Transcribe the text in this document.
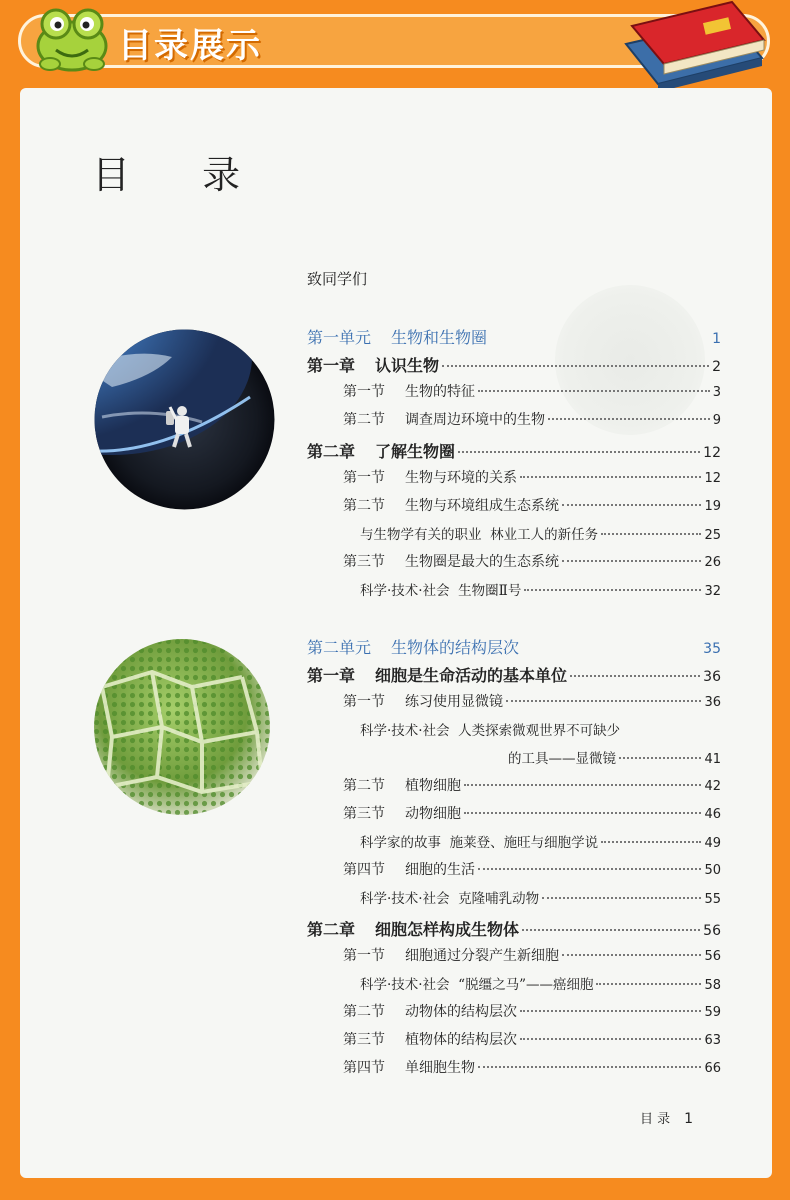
目录展示
目 录
致同学们
第一单元 生物和生物圈	1
第一章 认识生物	2
第一节 生物的特征	3
第二节 调查周边环境中的生物	9
第二章 了解生物圈	12
第一节 生物与环境的关系	12
第二节 生物与环境组成生态系统	19
与生物学有关的职业  林业工人的新任务	25
第三节 生物圈是最大的生态系统	26
科学·技术·社会  生物圈Ⅱ号	32
第二单元 生物体的结构层次	35
第一章 细胞是生命活动的基本单位	36
第一节 练习使用显微镜	36
科学·技术·社会  人类探索微观世界不可缺少
的工具——显微镜	41
第二节 植物细胞	42
第三节 动物细胞	46
科学家的故事  施莱登、施旺与细胞学说	49
第四节 细胞的生活	50
科学·技术·社会  克隆哺乳动物	55
第二章 细胞怎样构成生物体	56
第一节 细胞通过分裂产生新细胞	56
科学·技术·社会  “脱缰之马”——癌细胞	58
第二节 动物体的结构层次	59
第三节 植物体的结构层次	63
第四节 单细胞生物	66
目 录 1
